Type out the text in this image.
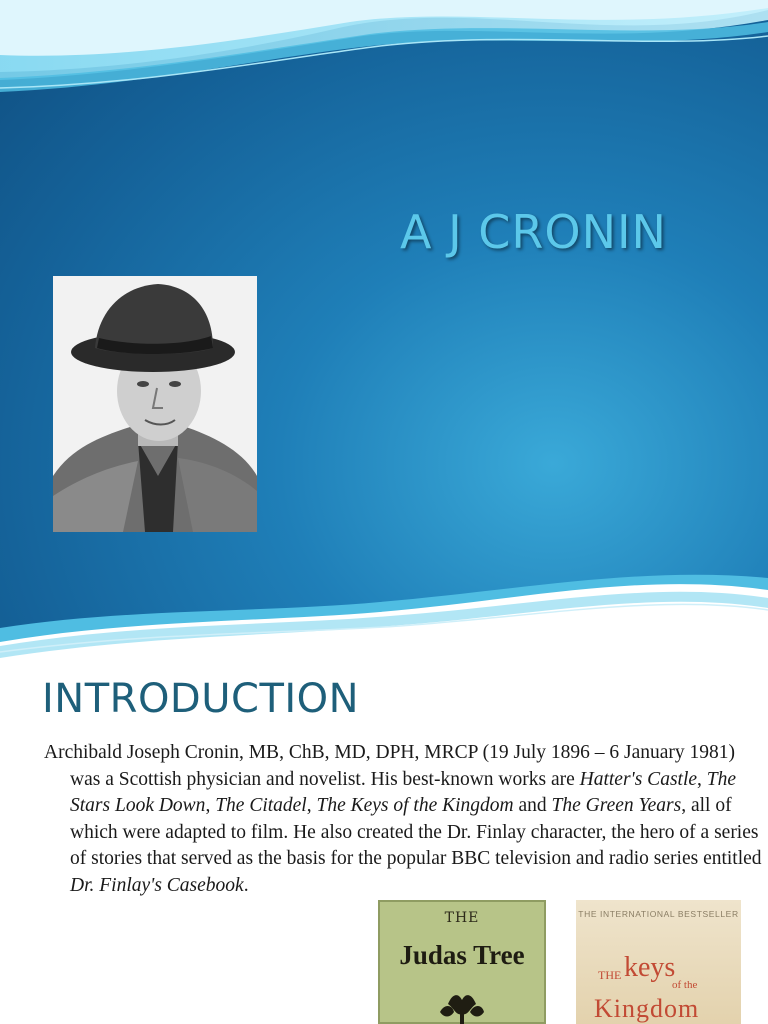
A J CRONIN
INTRODUCTION
Archibald Joseph Cronin, MB, ChB, MD, DPH, MRCP (19 July 1896 – 6 January 1981) was a Scottish physician and novelist. His best-known works are Hatter's Castle, The Stars Look Down, The Citadel, The Keys of the Kingdom and The Green Years, all of which were adapted to film. He also created the Dr. Finlay character, the hero of a series of stories that served as the basis for the popular BBC television and radio series entitled Dr. Finlay's Casebook.
THE
Judas Tree
THE INTERNATIONAL BESTSELLER
THE keys
of the
Kingdom
